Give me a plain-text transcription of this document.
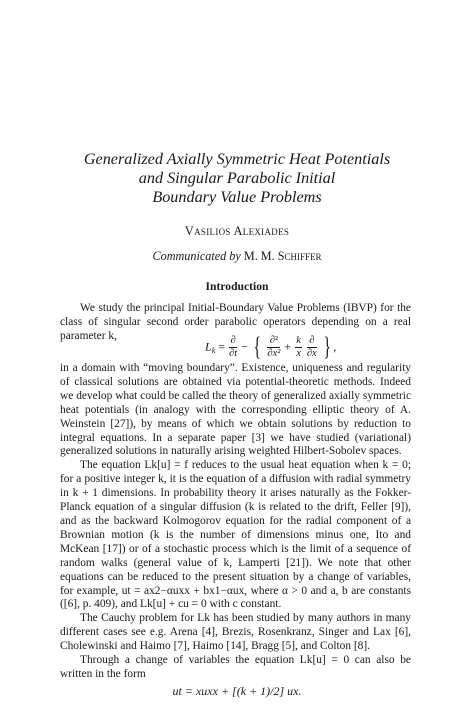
Generalized Axially Symmetric Heat Potentials
and Singular Parabolic Initial
Boundary Value Problems
Vasilios Alexiades
Communicated by M. M. Schiffer
Introduction

We study the principal Initial-Boundary Value Problems (IBVP) for the class of singular second order parabolic operators depending on a real parameter k,

$L_k = \frac{\partial}{\partial t}$ − { $\frac{\text{∂²}}{\text{∂x²}} + \frac{k}{x}$
$\frac{\partial}{\partial x}$ } ,

in a domain with “moving boundary”. Existence, uniqueness and regularity of classical solutions are obtained via potential-theoretic methods. Indeed we develop what could be called the theory of generalized axially symmetric heat potentials (in analogy with the corresponding elliptic theory of A. Weinstein [27]), by means of which we obtain solutions by reduction to integral equations. In a separate paper [3] we have studied (variational) generalized solutions in naturally arising weighted Hilbert-Sobolev spaces.

The equation Lk[u] = f reduces to the usual heat equation when k = 0; for a positive integer k, it is the equation of a diffusion with radial symmetry in k + 1 dimensions. In probability theory it arises naturally as the Fokker-Planck equation of a singular diffusion (k is related to the drift, Feller [9]), and as the backward Kolmogorov equation for the radial component of a Brownian motion (k is the number of dimensions minus one, Ito and McKean [17]) or of a stochastic process which is the limit of a sequence of random walks (general value of k, Lamperti [21]). We note that other equations can be reduced to the present situation by a change of variables, for example, ut = ax2−αuxx + bx1−αux, where α > 0 and a, b are constants ([6], p. 409), and Lk[u] + cu = 0 with c constant.

The Cauchy problem for Lk has been studied by many authors in many different cases see e.g. Arena [4], Brezis, Rosenkranz, Singer and Lax [6], Cholewinski and Haimo [7], Haimo [14], Bragg [5], and Colton [8].

Through a change of variables the equation Lk[u] = 0 can also be written in the form

ut = xuxx + [(k + 1)/2] ux.
